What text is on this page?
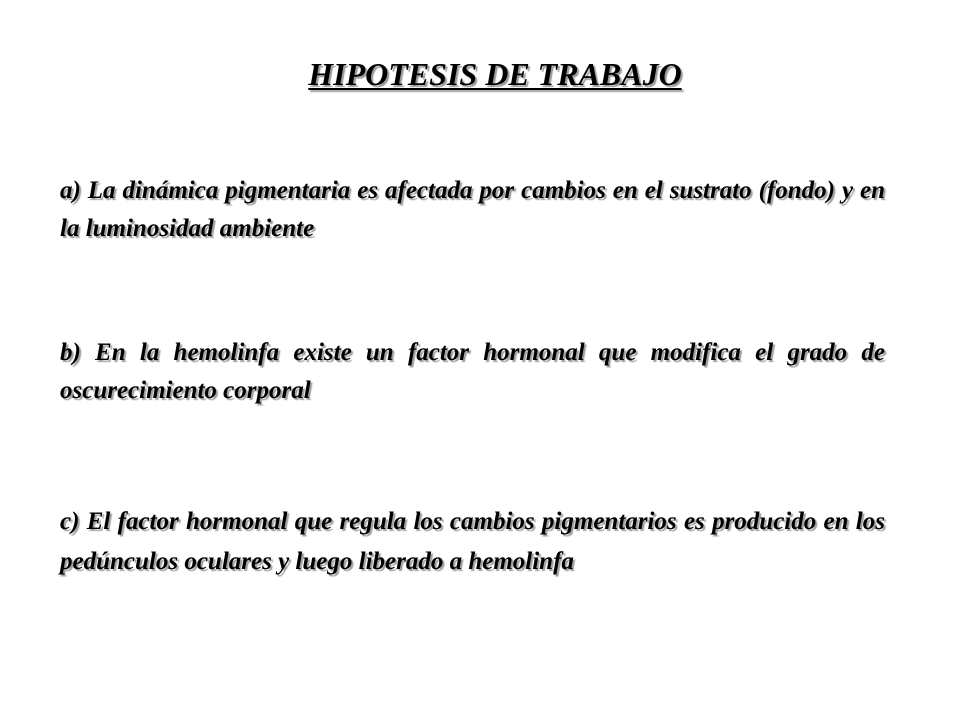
HIPOTESIS DE TRABAJO

a) La dinámica pigmentaria es afectada por cambios en el sustrato (fondo) y en la luminosidad ambiente

b) En la hemolinfa existe un factor hormonal que modifica el grado de oscurecimiento corporal

c) El factor hormonal que regula los cambios pigmentarios es producido en los pedúnculos oculares y luego liberado a hemolinfa
